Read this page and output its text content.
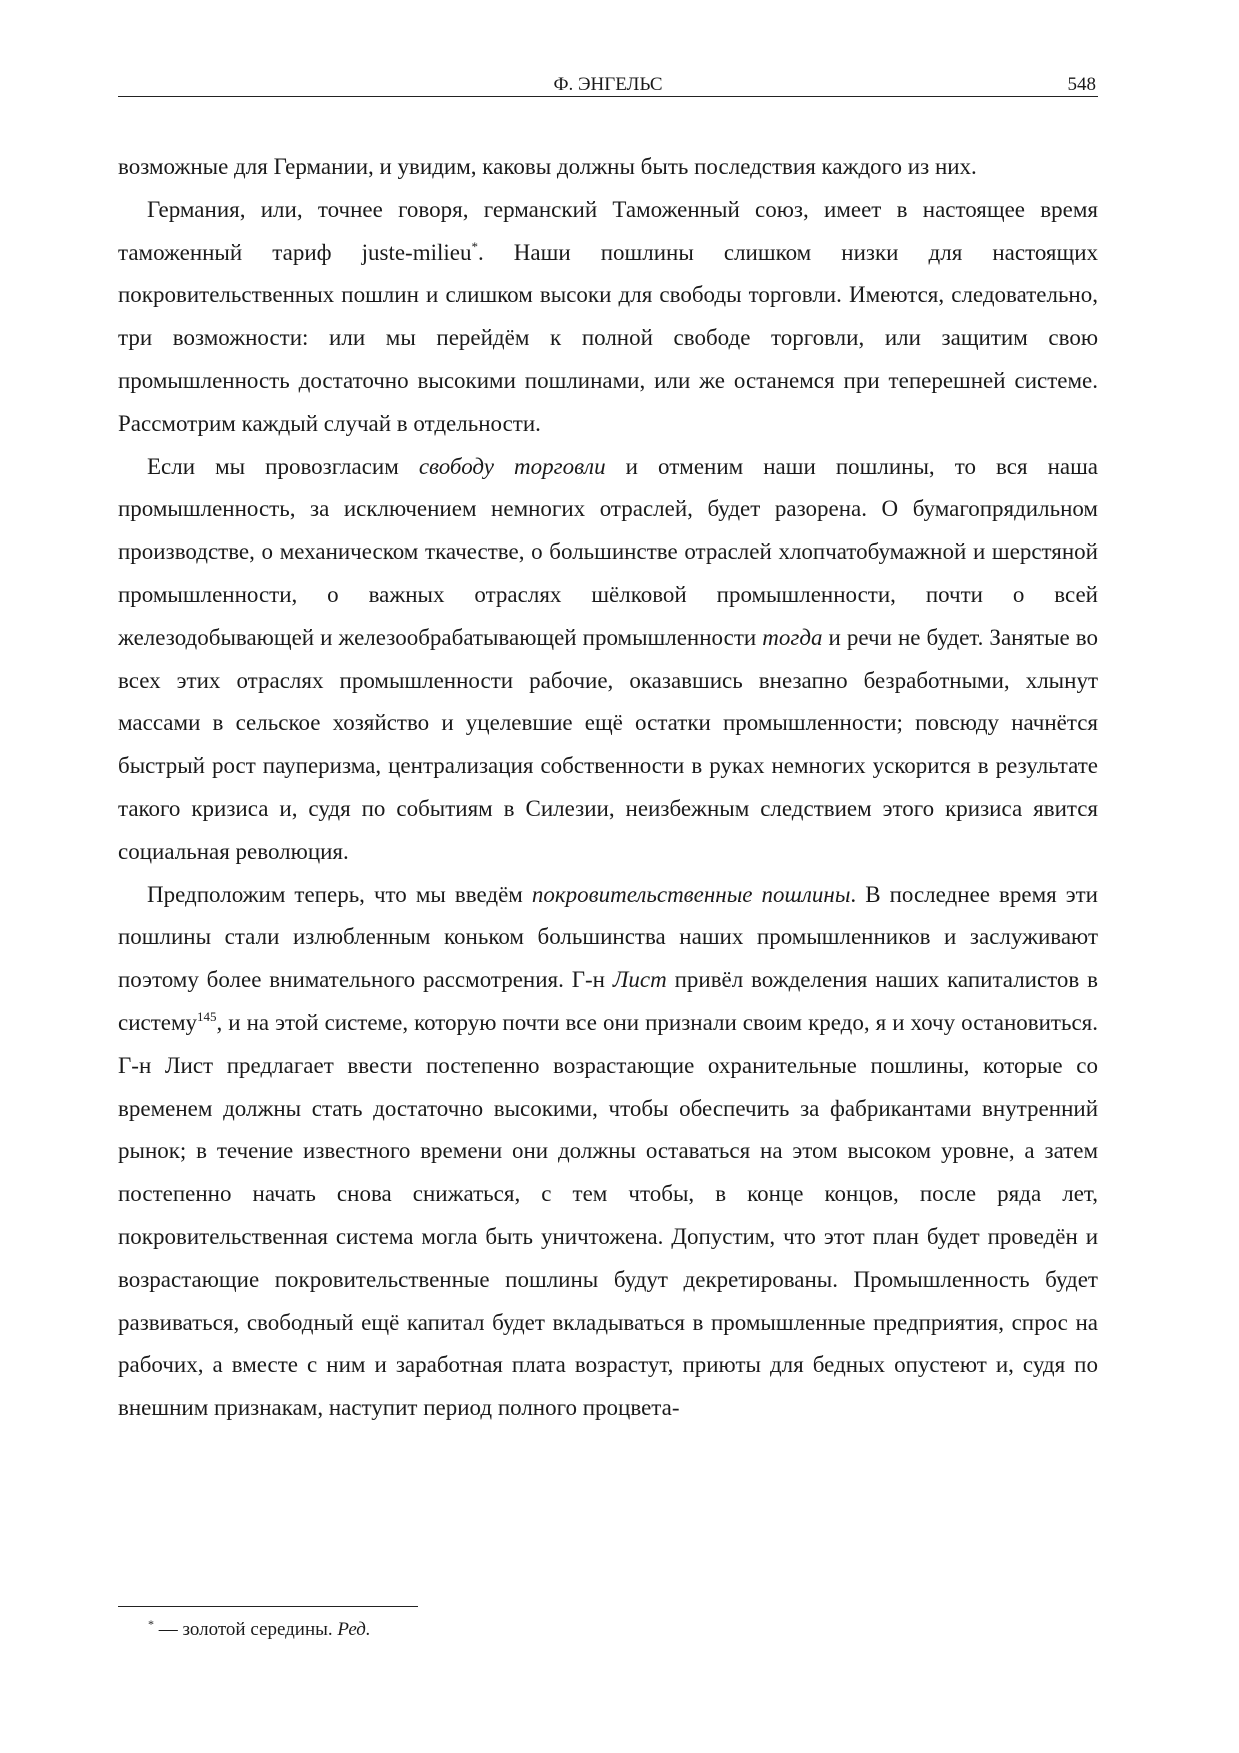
Ф. ЭНГЕЛЬС	548

возможные для Германии, и увидим, каковы должны быть последствия каждого из них.

Германия, или, точнее говоря, германский Таможенный союз, имеет в настоящее время таможенный тариф juste-milieu*. Наши пошлины слишком низки для настоящих покровительственных пошлин и слишком высоки для свободы торговли. Имеются, следовательно, три возможности: или мы перейдём к полной свободе торговли, или защитим свою промышленность достаточно высокими пошлинами, или же останемся при теперешней системе. Рассмотрим каждый случай в отдельности.

Если мы провозгласим свободу торговли и отменим наши пошлины, то вся наша промышленность, за исключением немногих отраслей, будет разорена. О бумагопрядильном производстве, о механическом ткачестве, о большинстве отраслей хлопчатобумажной и шерстяной промышленности, о важных отраслях шёлковой промышленности, почти о всей железодобывающей и железообрабатывающей промышленности тогда и речи не будет. Занятые во всех этих отраслях промышленности рабочие, оказавшись внезапно безработными, хлынут массами в сельское хозяйство и уцелевшие ещё остатки промышленности; повсюду начнётся быстрый рост пауперизма, централизация собственности в руках немногих ускорится в результате такого кризиса и, судя по событиям в Силезии, неизбежным следствием этого кризиса явится социальная революция.

Предположим теперь, что мы введём покровительственные пошлины. В последнее время эти пошлины стали излюбленным коньком большинства наших промышленников и заслуживают поэтому более внимательного рассмотрения. Г-н Лист привёл вожделения наших капиталистов в систему$^{145}$, и на этой системе, которую почти все они признали своим кредо, я и хочу остановиться. Г-н Лист предлагает ввести постепенно возрастающие охранительные пошлины, которые со временем должны стать достаточно высокими, чтобы обеспечить за фабрикантами внутренний рынок; в течение известного времени они должны оставаться на этом высоком уровне, а затем постепенно начать снова снижаться, с тем чтобы, в конце концов, после ряда лет, покровительственная система могла быть уничтожена. Допустим, что этот план будет проведён и возрастающие покровительственные пошлины будут декретированы. Промышленность будет развиваться, свободный ещё капитал будет вкладываться в промышленные предприятия, спрос на рабочих, а вместе с ним и заработная плата возрастут, приюты для бедных опустеют и, судя по внешним признакам, наступит период полного процвета-

* — золотой середины. Ред.
